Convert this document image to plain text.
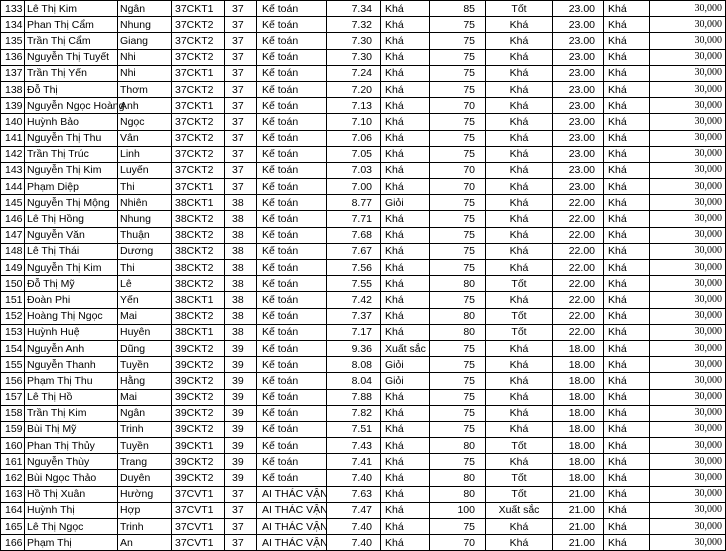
133	Lê Thị Kim	Ngân	37CKT1	37	Kế toán	7.34	Khá	85	Tốt	23.00	Khá	30,000
134	Phan Thị Cẩm	Nhung	37CKT2	37	Kế toán	7.32	Khá	75	Khá	23.00	Khá	30,000
135	Trần Thị Cẩm	Giang	37CKT2	37	Kế toán	7.30	Khá	75	Khá	23.00	Khá	30,000
136	Nguyễn Thị Tuyết	Nhi	37CKT2	37	Kế toán	7.30	Khá	75	Khá	23.00	Khá	30,000
137	Trần Thị Yến	Nhi	37CKT1	37	Kế toán	7.24	Khá	75	Khá	23.00	Khá	30,000
138	Đỗ Thị	Thơm	37CKT2	37	Kế toán	7.20	Khá	75	Khá	23.00	Khá	30,000
139	Nguyễn Ngọc Hoàng	Anh	37CKT1	37	Kế toán	7.13	Khá	70	Khá	23.00	Khá	30,000
140	Huỳnh Bảo	Ngọc	37CKT2	37	Kế toán	7.10	Khá	75	Khá	23.00	Khá	30,000
141	Nguyễn Thị Thu	Vân	37CKT2	37	Kế toán	7.06	Khá	75	Khá	23.00	Khá	30,000
142	Trần Thị Trúc	Linh	37CKT2	37	Kế toán	7.05	Khá	75	Khá	23.00	Khá	30,000
143	Nguyễn Thị Kim	Luyến	37CKT2	37	Kế toán	7.03	Khá	70	Khá	23.00	Khá	30,000
144	Phạm Diệp	Thi	37CKT1	37	Kế toán	7.00	Khá	70	Khá	23.00	Khá	30,000
145	Nguyễn Thị Mộng	Nhiên	38CKT1	38	Kế toán	8.77	Giỏi	75	Khá	22.00	Khá	30,000
146	Lê Thị Hồng	Nhung	38CKT2	38	Kế toán	7.71	Khá	75	Khá	22.00	Khá	30,000
147	Nguyễn Văn	Thuận	38CKT2	38	Kế toán	7.68	Khá	75	Khá	22.00	Khá	30,000
148	Lê Thị Thái	Dương	38CKT2	38	Kế toán	7.67	Khá	75	Khá	22.00	Khá	30,000
149	Nguyễn Thị Kim	Thi	38CKT2	38	Kế toán	7.56	Khá	75	Khá	22.00	Khá	30,000
150	Đỗ Thị Mỹ	Lê	38CKT2	38	Kế toán	7.55	Khá	80	Tốt	22.00	Khá	30,000
151	Đoàn Phi	Yến	38CKT1	38	Kế toán	7.42	Khá	75	Khá	22.00	Khá	30,000
152	Hoàng Thị Ngọc	Mai	38CKT2	38	Kế toán	7.37	Khá	80	Tốt	22.00	Khá	30,000
153	Huỳnh Huệ	Huyên	38CKT1	38	Kế toán	7.17	Khá	80	Tốt	22.00	Khá	30,000
154	Nguyễn Anh	Dũng	39CKT2	39	Kế toán	9.36	Xuất sắc	75	Khá	18.00	Khá	30,000
155	Nguyễn Thanh	Tuyền	39CKT2	39	Kế toán	8.08	Giỏi	75	Khá	18.00	Khá	30,000
156	Phạm Thị Thu	Hằng	39CKT2	39	Kế toán	8.04	Giỏi	75	Khá	18.00	Khá	30,000
157	Lê Thị Hồ	Mai	39CKT2	39	Kế toán	7.88	Khá	75	Khá	18.00	Khá	30,000
158	Trần Thị Kim	Ngân	39CKT2	39	Kế toán	7.82	Khá	75	Khá	18.00	Khá	30,000
159	Bùi Thị Mỹ	Trinh	39CKT2	39	Kế toán	7.51	Khá	75	Khá	18.00	Khá	30,000
160	Phan Thị Thủy	Tuyền	39CKT1	39	Kế toán	7.43	Khá	80	Tốt	18.00	Khá	30,000
161	Nguyễn Thùy	Trang	39CKT2	39	Kế toán	7.41	Khá	75	Khá	18.00	Khá	30,000
162	Bùi Ngọc Thảo	Duyên	39CKT2	39	Kế toán	7.40	Khá	80	Tốt	18.00	Khá	30,000
163	Hồ Thị Xuân	Hường	37CVT1	37	AI THÁC VẬN	7.63	Khá	80	Tốt	21.00	Khá	30,000
164	Huỳnh Thị	Hợp	37CVT1	37	AI THÁC VẬN	7.47	Khá	100	Xuất sắc	21.00	Khá	30,000
165	Lê Thị Ngọc	Trinh	37CVT1	37	AI THÁC VẬN	7.40	Khá	75	Khá	21.00	Khá	30,000
166	Phạm Thị	An	37CVT1	37	AI THÁC VẬN	7.40	Khá	70	Khá	21.00	Khá	30,000
